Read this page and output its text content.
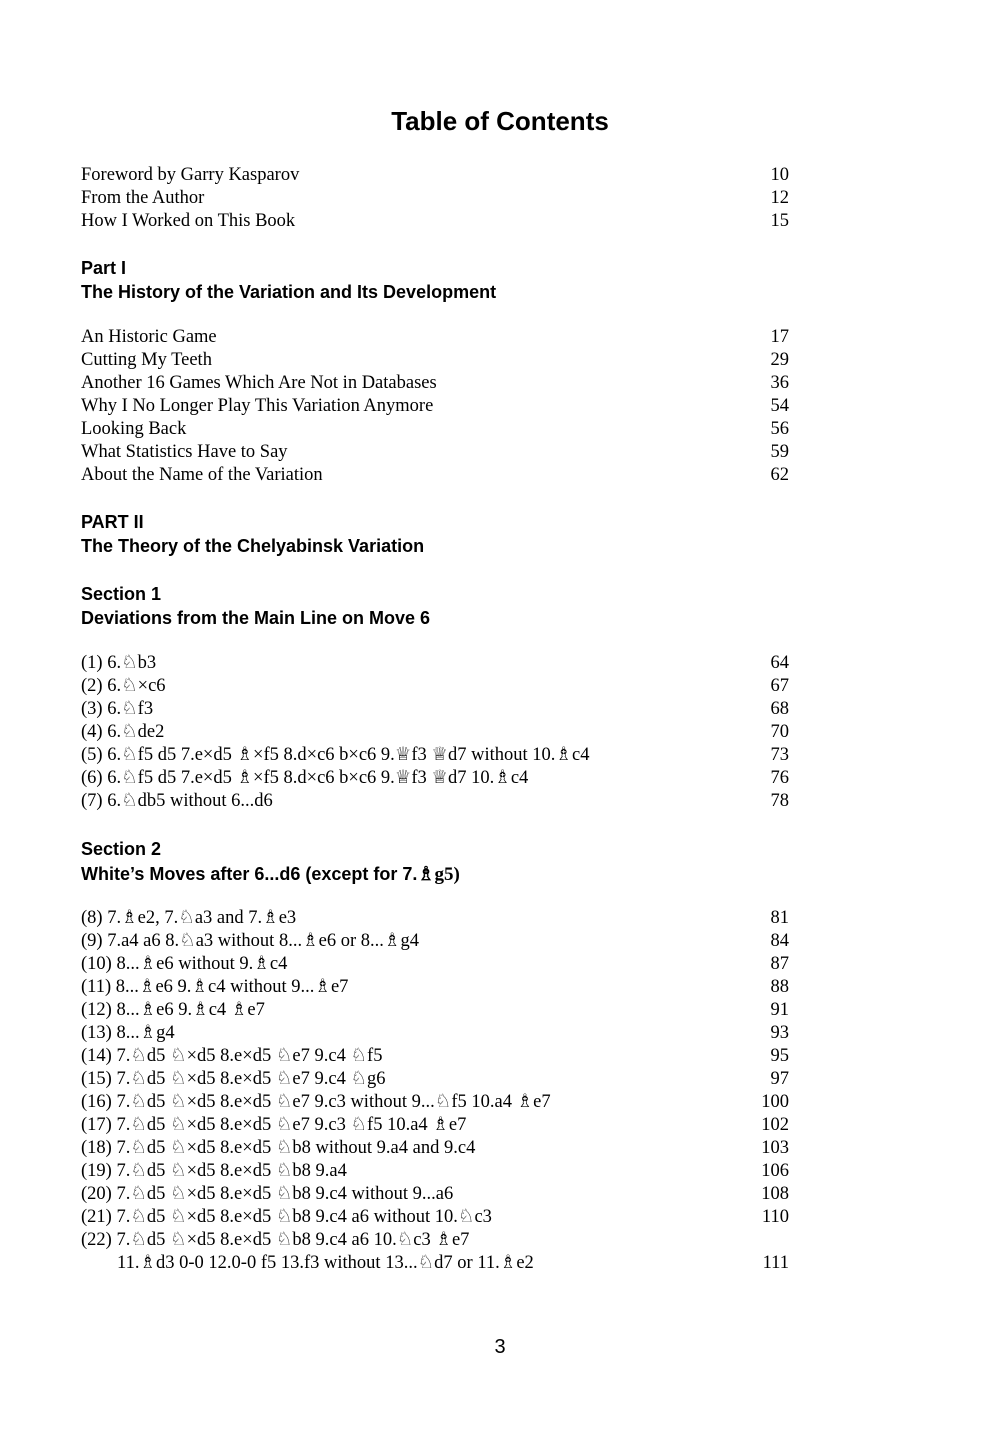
Table of Contents
Foreword by Garry Kasparov	10
From the Author	12
How I Worked on This Book	15
Part I
The History of the Variation and Its Development
An Historic Game	17
Cutting My Teeth	29
Another 16 Games Which Are Not in Databases	36
Why I No Longer Play This Variation Anymore	54
Looking Back	56
What Statistics Have to Say	59
About the Name of the Variation	62
PART II
The Theory of the Chelyabinsk Variation
Section 1
Deviations from the Main Line on Move 6
(1) 6.♘b3	64
(2) 6.♘×c6	67
(3) 6.♘f3	68
(4) 6.♘de2	70
(5) 6.♘f5 d5 7.e×d5 ♗×f5 8.d×c6 b×c6 9.♕f3 ♕d7 without 10.♗c4	73
(6) 6.♘f5 d5 7.e×d5 ♗×f5 8.d×c6 b×c6 9.♕f3 ♕d7 10.♗c4	76
(7) 6.♘db5 without 6...d6	78
Section 2
White’s Moves after 6...d6 (except for 7.♗g5)
(8) 7.♗e2, 7.♘a3 and 7.♗e3	81
(9) 7.a4 a6 8.♘a3 without 8...♗e6 or 8...♗g4	84
(10) 8...♗e6 without 9.♗c4	87
(11) 8...♗e6 9.♗c4 without 9...♗e7	88
(12) 8...♗e6 9.♗c4 ♗e7	91
(13) 8...♗g4	93
(14) 7.♘d5 ♘×d5 8.e×d5 ♘e7 9.c4 ♘f5	95
(15) 7.♘d5 ♘×d5 8.e×d5 ♘e7 9.c4 ♘g6	97
(16) 7.♘d5 ♘×d5 8.e×d5 ♘e7 9.c3 without 9...♘f5 10.a4 ♗e7	100
(17) 7.♘d5 ♘×d5 8.e×d5 ♘e7 9.c3 ♘f5 10.a4 ♗e7	102
(18) 7.♘d5 ♘×d5 8.e×d5 ♘b8 without 9.a4 and 9.c4	103
(19) 7.♘d5 ♘×d5 8.e×d5 ♘b8 9.a4	106
(20) 7.♘d5 ♘×d5 8.e×d5 ♘b8 9.c4 without 9...a6	108
(21) 7.♘d5 ♘×d5 8.e×d5 ♘b8 9.c4 a6 without 10.♘c3	110
(22) 7.♘d5 ♘×d5 8.e×d5 ♘b8 9.c4 a6 10.♘c3 ♗e7
11.♗d3 0-0 12.0-0 f5 13.f3 without 13...♘d7 or 11.♗e2	111
3
